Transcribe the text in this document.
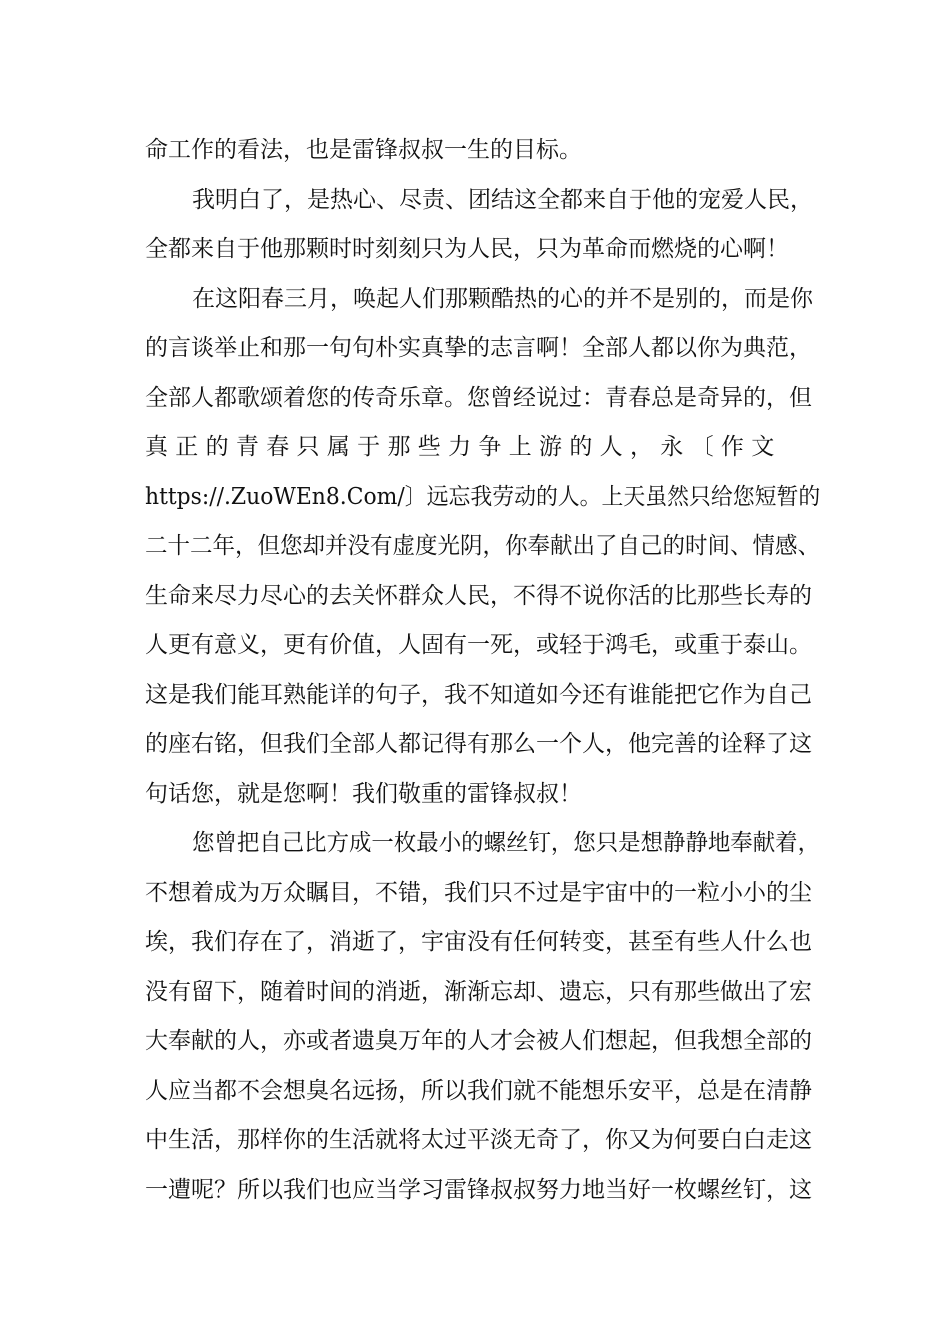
命工作的看法，也是雷锋叔叔一生的目标。
我明白了，是热心、尽责、团结这全都来自于他的宠爱人民，
全都来自于他那颗时时刻刻只为人民，只为革命而燃烧的心啊！
在这阳春三月，唤起人们那颗酷热的心的并不是别的，而是你
的言谈举止和那一句句朴实真挚的志言啊！全部人都以你为典范，
全部人都歌颂着您的传奇乐章。您曾经说过：青春总是奇异的，但
真 正 的 青 春 只 属 于 那 些 力 争 上 游 的 人 ， 永 〔 作 文
https://.ZuoWEn8.Com/〕远忘我劳动的人。上天虽然只给您短暂的
二十二年，但您却并没有虚度光阴，你奉献出了自己的时间、情感、
生命来尽力尽心的去关怀群众人民，不得不说你活的比那些长寿的
人更有意义，更有价值，人固有一死，或轻于鸿毛，或重于泰山。
这是我们能耳熟能详的句子，我不知道如今还有谁能把它作为自己
的座右铭，但我们全部人都记得有那么一个人，他完善的诠释了这
句话您，就是您啊！我们敬重的雷锋叔叔！
您曾把自己比方成一枚最小的螺丝钉，您只是想静静地奉献着，
不想着成为万众瞩目，不错，我们只不过是宇宙中的一粒小小的尘
埃，我们存在了，消逝了，宇宙没有任何转变，甚至有些人什么也
没有留下，随着时间的消逝，渐渐忘却、遗忘，只有那些做出了宏
大奉献的人，亦或者遗臭万年的人才会被人们想起，但我想全部的
人应当都不会想臭名远扬，所以我们就不能想乐安平，总是在清静
中生活，那样你的生活就将太过平淡无奇了，你又为何要白白走这
一遭呢？所以我们也应当学习雷锋叔叔努力地当好一枚螺丝钉，这
